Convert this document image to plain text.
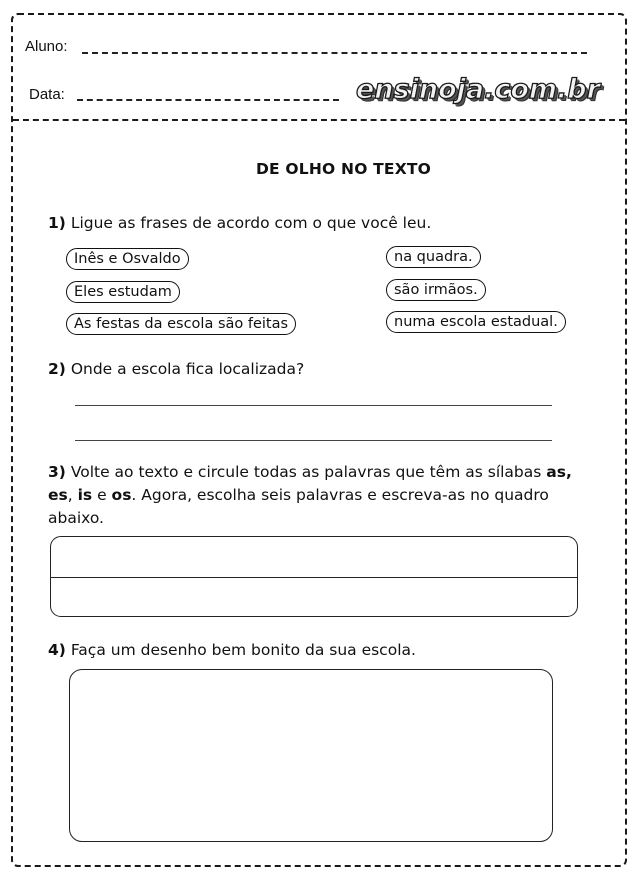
Aluno:
Data:	ensinoja.com.br
DE OLHO NO TEXTO
1) Ligue as frases de acordo com o que você leu.
Inês e Osvaldo
Eles estudam
As festas da escola são feitas
na quadra.
são irmãos.
numa escola estadual.
2) Onde a escola fica localizada?
3) Volte ao texto e circule todas as palavras que têm as sílabas as, es, is e os. Agora, escolha seis palavras e escreva-as no quadro abaixo.
4) Faça um desenho bem bonito da sua escola.
